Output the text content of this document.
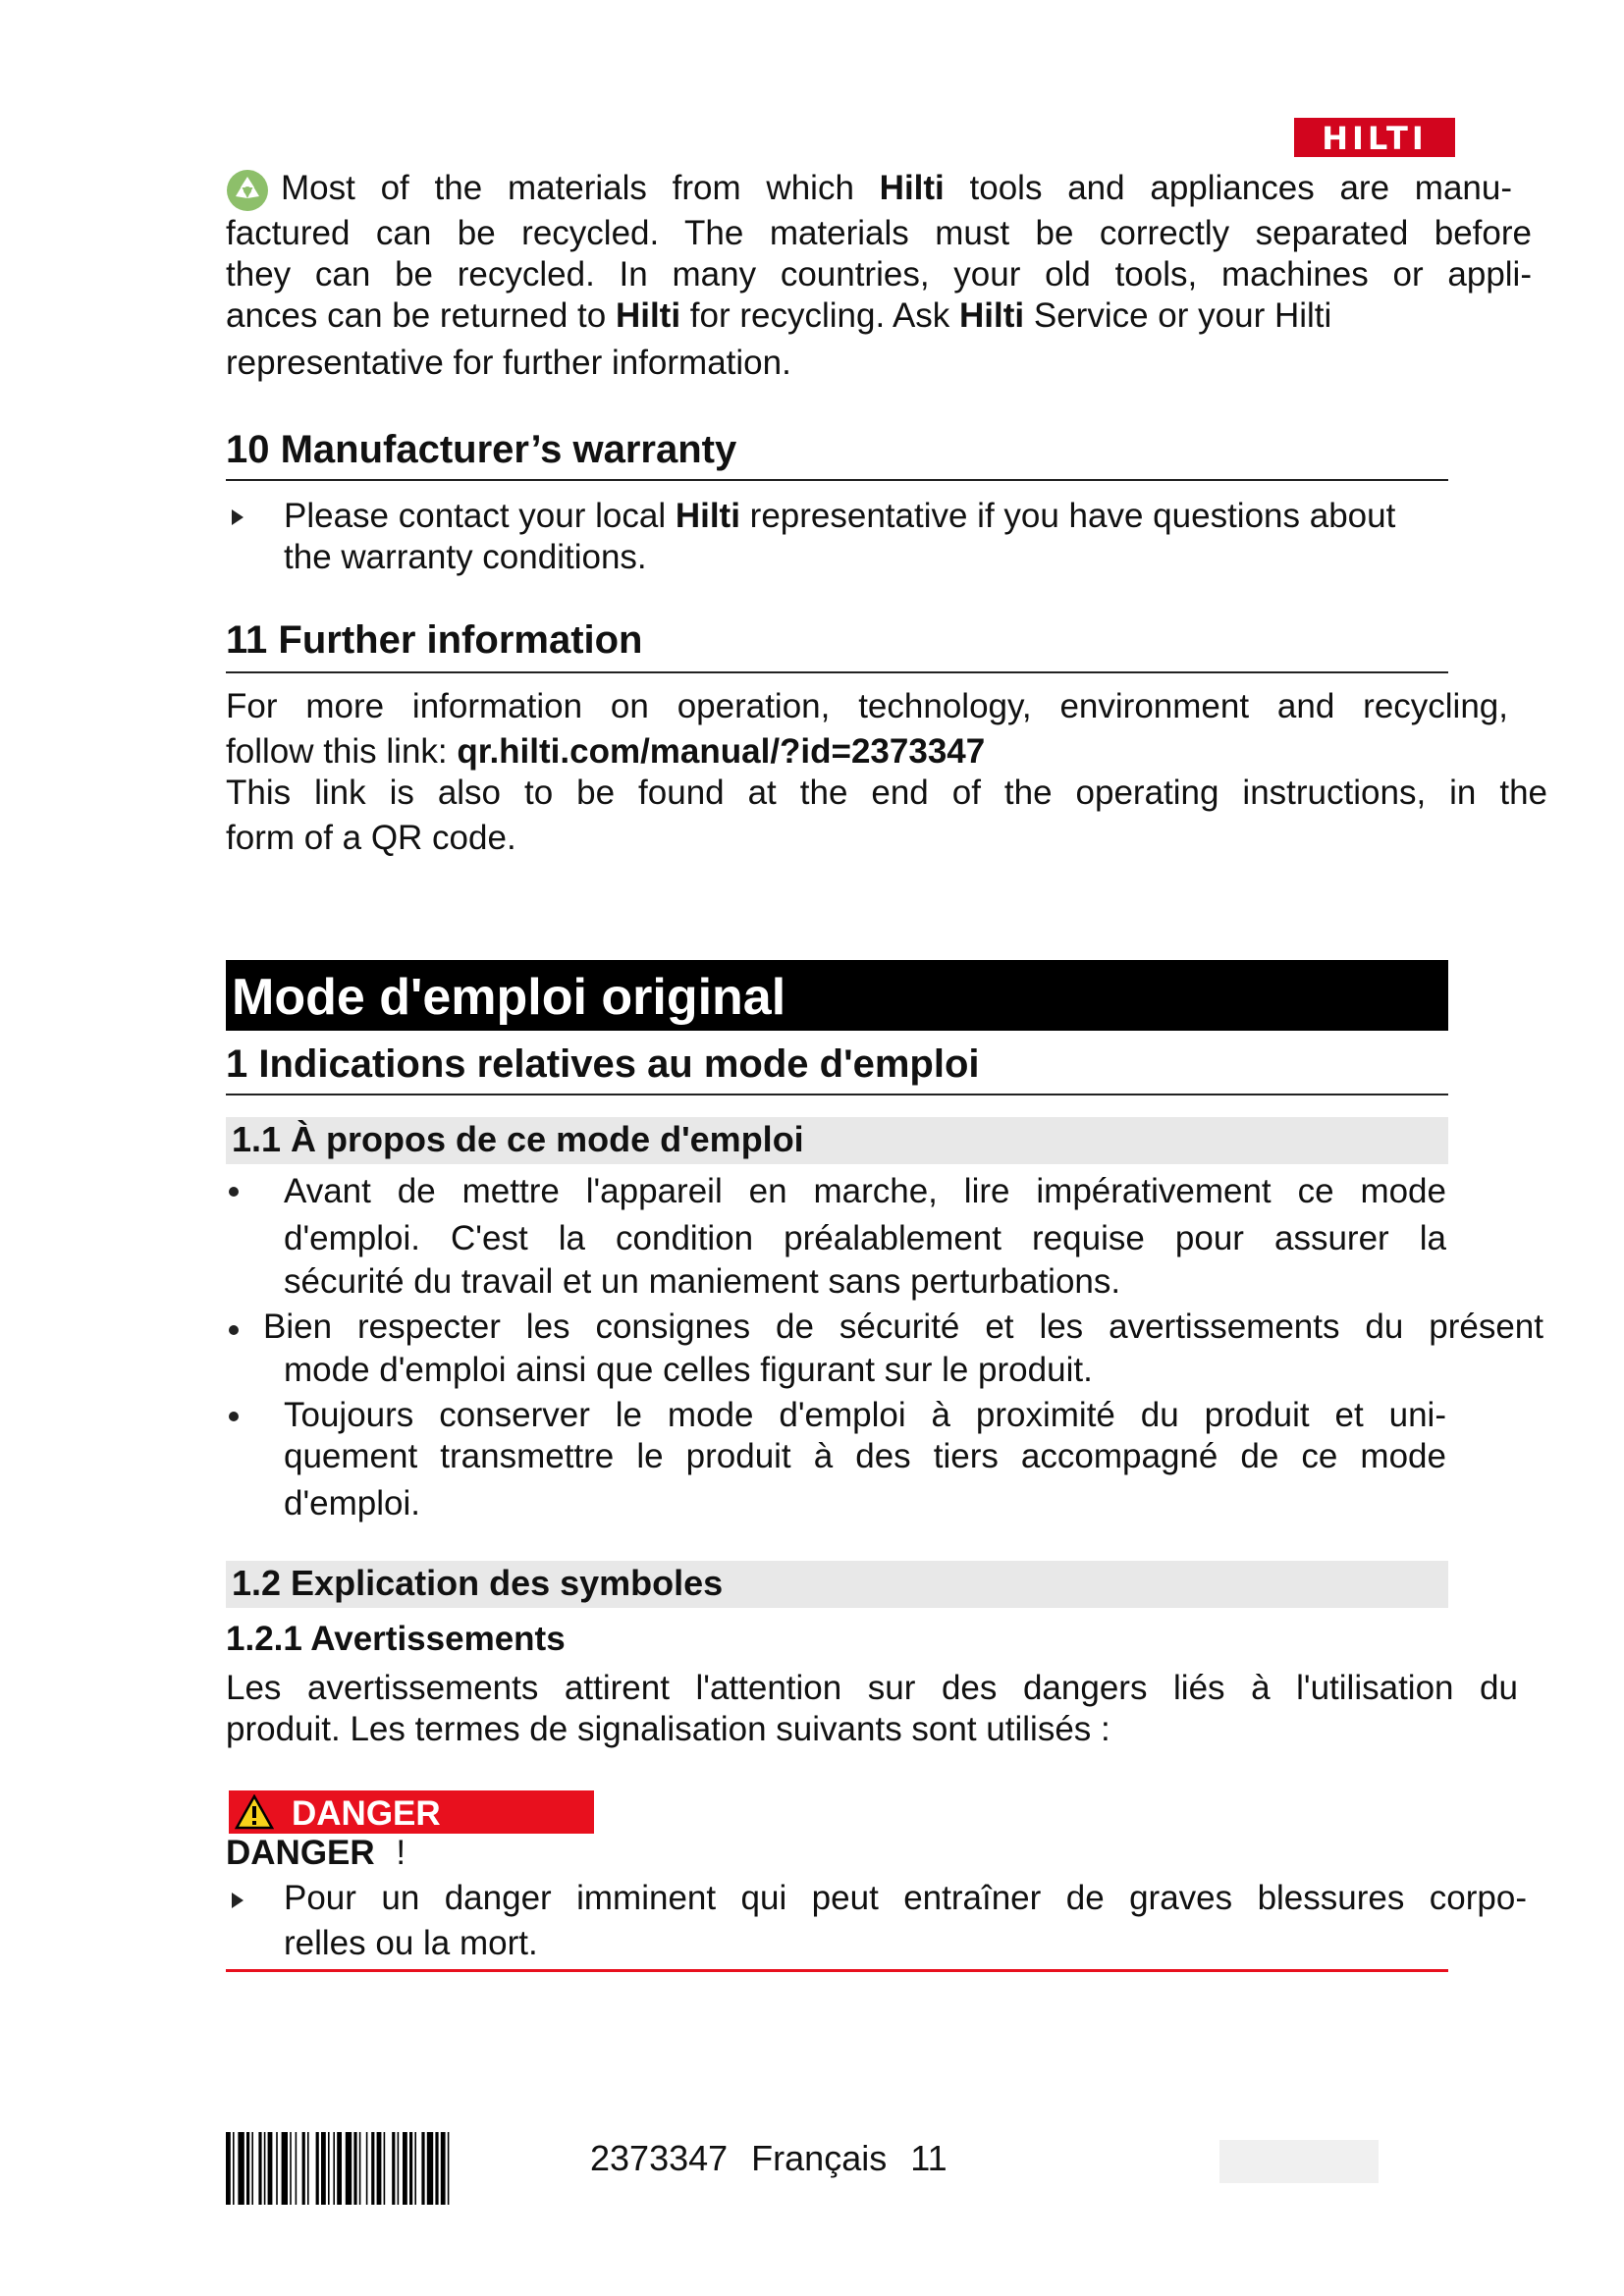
HILTI
Most of the materials from which Hilti tools and appliances are manu-
factured can be recycled. The materials must be correctly separated before
they can be recycled. In many countries, your old tools, machines or appli-
ances can be returned to Hilti for recycling. Ask Hilti Service or your Hilti
representative for further information.
10 Manufacturer’s warranty
Please contact your local Hilti representative if you have questions about
the warranty conditions.
11 Further information
For more information on operation, technology, environment and recycling,
follow this link: qr.hilti.com/manual/?id=2373347
This link is also to be found at the end of the operating instructions, in the
form of a QR code.
Mode d'emploi original
1 Indications relatives au mode d'emploi
1.1 À propos de ce mode d'emploi
Avant de mettre l'appareil en marche, lire impérativement ce mode
d'emploi. C'est la condition préalablement requise pour assurer la
sécurité du travail et un maniement sans perturbations.
Bien respecter les consignes de sécurité et les avertissements du présent
mode d'emploi ainsi que celles figurant sur le produit.
Toujours conserver le mode d'emploi à proximité du produit et uni-
quement transmettre le produit à des tiers accompagné de ce mode
d'emploi.
1.2 Explication des symboles
1.2.1 Avertissements
Les avertissements attirent l'attention sur des dangers liés à l'utilisation du
produit. Les termes de signalisation suivants sont utilisés :
DANGER
DANGER !
Pour un danger imminent qui peut entraîner de graves blessures corpo-
relles ou la mort.
2373347 Français 11
